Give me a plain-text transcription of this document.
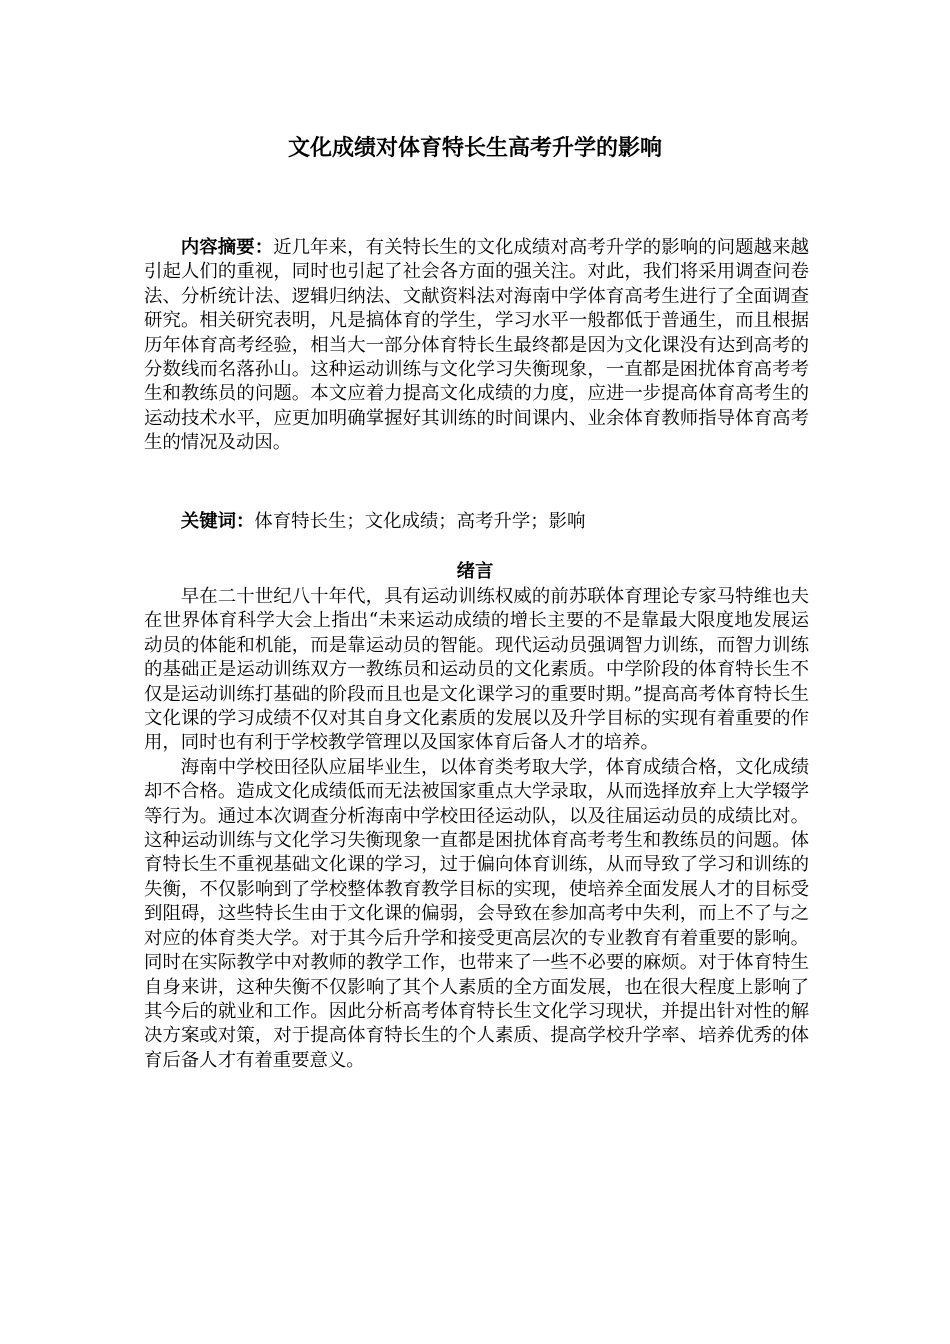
文化成绩对体育特长生高考升学的影响

内容摘要：近几年来，有关特长生的文化成绩对高考升学的影响的问题越来越引起人们的重视，同时也引起了社会各方面的强关注。对此，我们将采用调查问卷法、分析统计法、逻辑归纳法、文献资料法对海南中学体育高考生进行了全面调查研究。相关研究表明，凡是搞体育的学生，学习水平一般都低于普通生，而且根据历年体育高考经验，相当大一部分体育特长生最终都是因为文化课没有达到高考的分数线而名落孙山。这种运动训练与文化学习失衡现象，一直都是困扰体育高考考生和教练员的问题。本文应着力提高文化成绩的力度，应进一步提高体育高考生的运动技术水平，应更加明确掌握好其训练的时间课内、业余体育教师指导体育高考生的情况及动因。

关键词：体育特长生；文化成绩；高考升学；影响

绪言

早在二十世纪八十年代，具有运动训练权威的前苏联体育理论专家马特维也夫在世界体育科学大会上指出“未来运动成绩的增长主要的不是靠最大限度地发展运动员的体能和机能，而是靠运动员的智能。现代运动员强调智力训练，而智力训练的基础正是运动训练双方一教练员和运动员的文化素质。中学阶段的体育特长生不仅是运动训练打基础的阶段而且也是文化课学习的重要时期。”提高高考体育特长生文化课的学习成绩不仅对其自身文化素质的发展以及升学目标的实现有着重要的作用，同时也有利于学校教学管理以及国家体育后备人才的培养。

海南中学校田径队应届毕业生，以体育类考取大学，体育成绩合格，文化成绩却不合格。造成文化成绩低而无法被国家重点大学录取，从而选择放弃上大学辍学等行为。通过本次调查分析海南中学校田径运动队，以及往届运动员的成绩比对。这种运动训练与文化学习失衡现象一直都是困扰体育高考考生和教练员的问题。体育特长生不重视基础文化课的学习，过于偏向体育训练，从而导致了学习和训练的失衡，不仅影响到了学校整体教育教学目标的实现，使培养全面发展人才的目标受到阻碍，这些特长生由于文化课的偏弱，会导致在参加高考中失利，而上不了与之对应的体育类大学。对于其今后升学和接受更高层次的专业教育有着重要的影响。同时在实际教学中对教师的教学工作，也带来了一些不必要的麻烦。对于体育特生自身来讲，这种失衡不仅影响了其个人素质的全方面发展，也在很大程度上影响了其今后的就业和工作。因此分析高考体育特长生文化学习现状，并提出针对性的解决方案或对策，对于提高体育特长生的个人素质、提高学校升学率、培养优秀的体育后备人才有着重要意义。
